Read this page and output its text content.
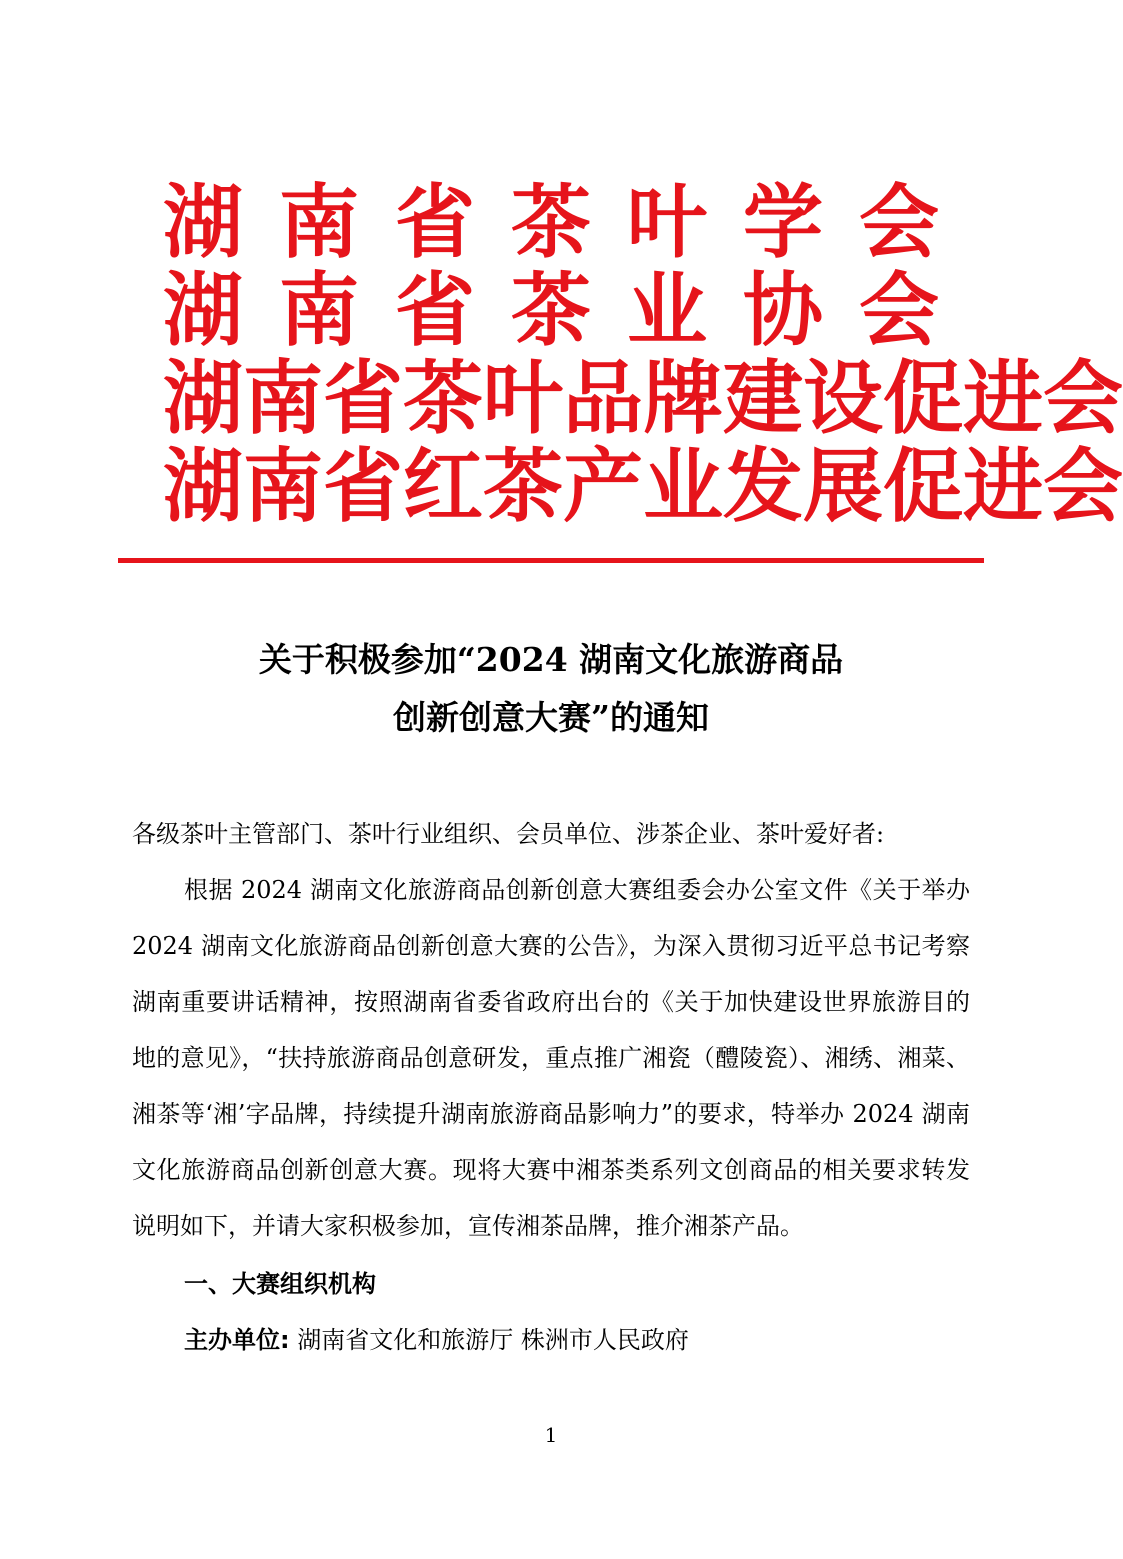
湖 南 省 茶 叶 学 会
湖 南 省 茶 业 协 会
湖 南 省 茶 叶 品 牌 建 设 促 进 会
湖 南 省 红 茶 产 业 发 展 促 进 会
关于积极参加“2024 湖南文化旅游商品
创新创意大赛”的通知

各级茶叶主管部门、茶叶行业组织、会员单位、涉茶企业、茶叶爱好者:

根据 2024 湖南文化旅游商品创新创意大赛组委会办公室文件《关于举办 2024 湖南文化旅游商品创新创意大赛的公告》，为深入贯彻习近平总书记考察湖南重要讲话精神，按照湖南省委省政府出台的《关于加快建设世界旅游目的地的意见》，“扶持旅游商品创意研发，重点推广湘瓷（醴陵瓷）、湘绣、湘菜、湘茶等‘湘’字品牌，持续提升湖南旅游商品影响力”的要求，特举办 2024 湖南文化旅游商品创新创意大赛。现将大赛中湘茶类系列文创商品的相关要求转发说明如下，并请大家积极参加，宣传湘茶品牌，推介湘茶产品。

一、大赛组织机构

主办单位: 湖南省文化和旅游厅 株洲市人民政府

1
